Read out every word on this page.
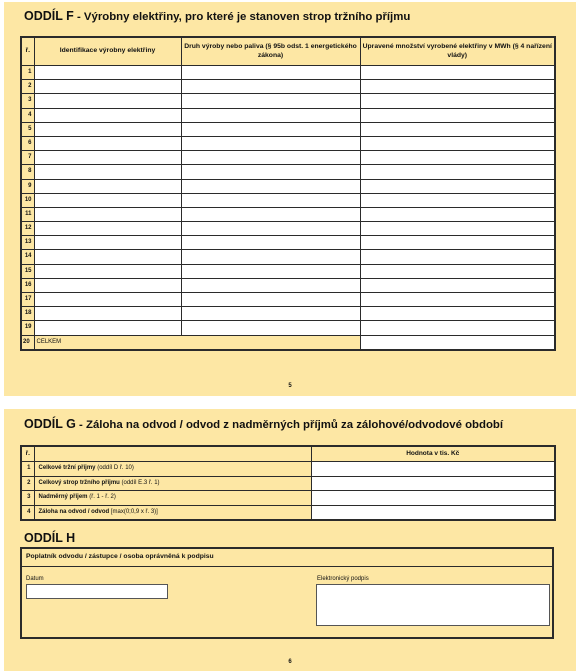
ODDÍL F - Výrobny elektřiny, pro které je stanoven strop tržního příjmu
ř.	Identifikace výrobny elektřiny	Druh výroby nebo paliva (§ 95b odst. 1 energetického zákona)	Upravené množství vyrobené elektřiny v MWh (§ 4 nařízení vlády)
1			
2			
3			
4			
5			
6			
7			
8			
9			
10			
11			
12			
13			
14			
15			
16			
17			
18			
19			
20	CELKEM		
5
ODDÍL G - Záloha na odvod / odvod z nadměrných příjmů za zálohové/odvodové období
ř.		Hodnota v tis. Kč
1	Celkové tržní příjmy (oddíl D ř. 10)	
2	Celkový strop tržního příjmu (oddíl E.3 ř. 1)	
3	Nadměrný příjem (ř. 1 - ř. 2)	
4	Záloha na odvod / odvod [max(0;0,9 x ř. 3)]	
ODDÍL H
Poplatník odvodu / zástupce / osoba oprávněná k podpisu
Datum	Elektronický podpis
6
